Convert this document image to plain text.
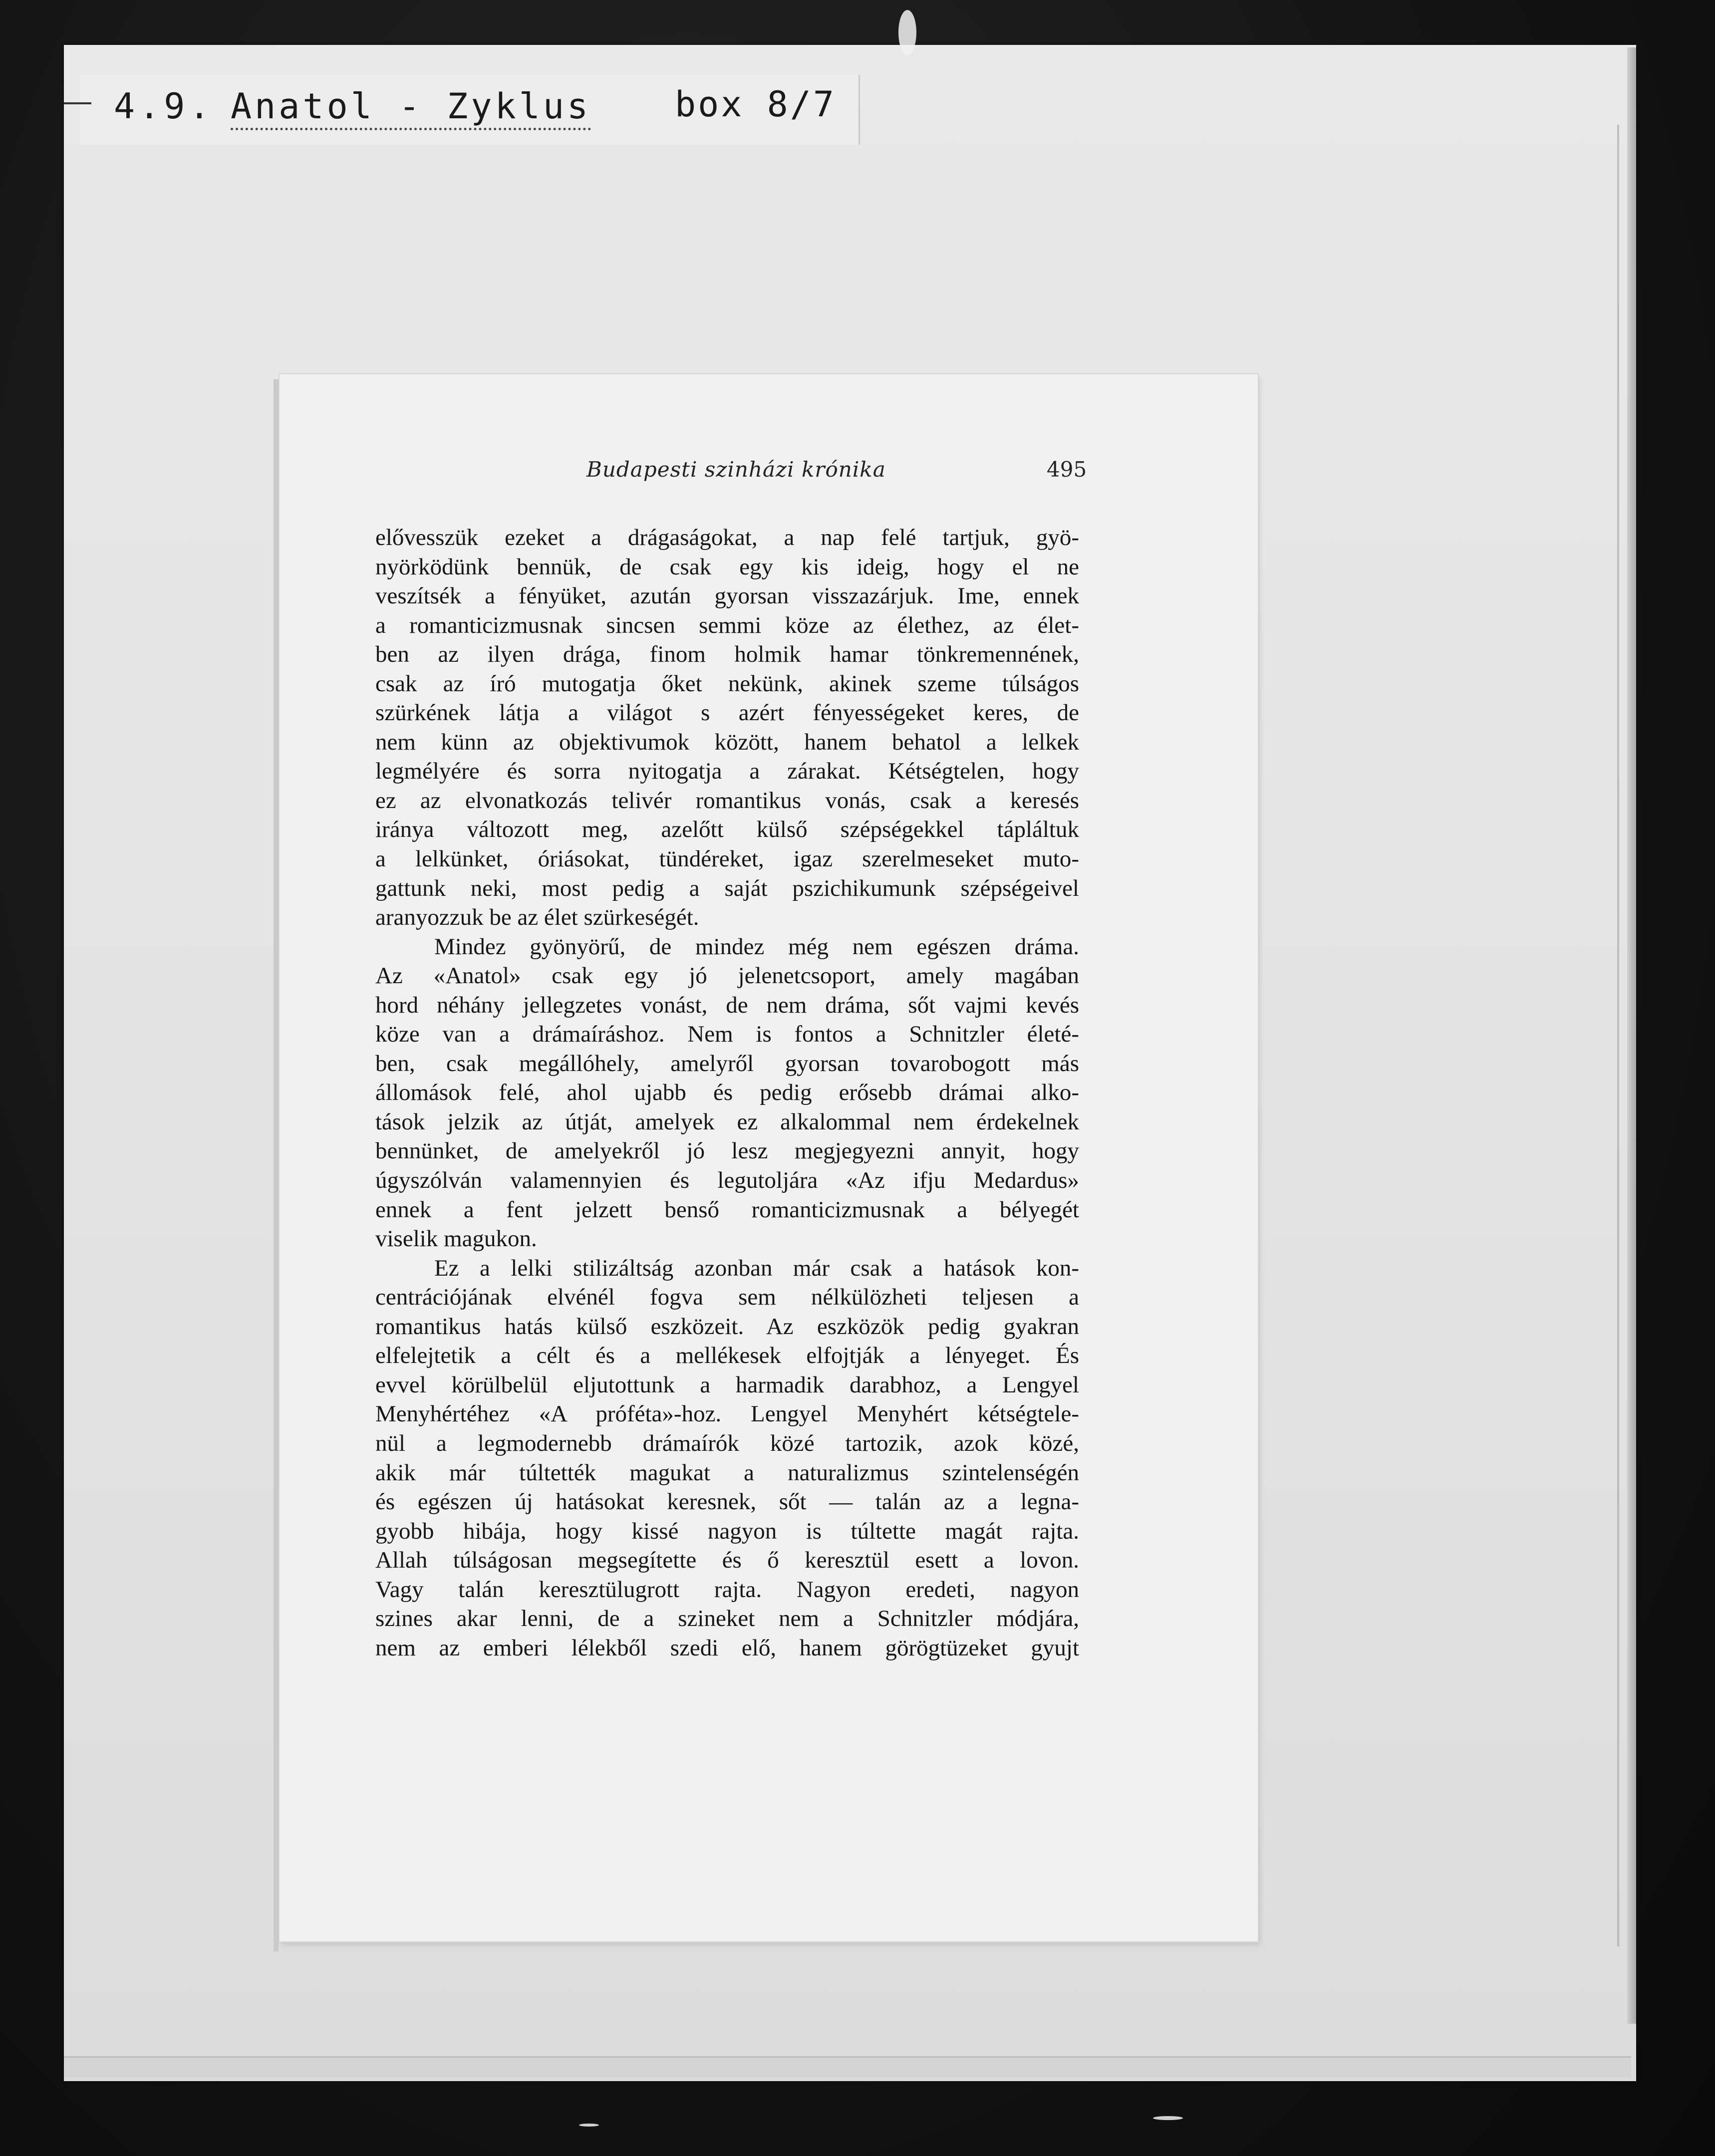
4.9. Anatol - Zyklus box 8/7
Budapesti szinházi krónika	495
elővesszük ezeket a drágaságokat, a nap felé tartjuk, gyö-
nyörködünk bennük, de csak egy kis ideig, hogy el ne
veszítsék a fényüket, azután gyorsan visszazárjuk. Ime, ennek
a romanticizmusnak sincsen semmi köze az élethez, az élet-
ben az ilyen drága, finom holmik hamar tönkremennének,
csak az író mutogatja őket nekünk, akinek szeme túlságos
szürkének látja a világot s azért fényességeket keres, de
nem künn az objektivumok között, hanem behatol a lelkek
legmélyére és sorra nyitogatja a zárakat. Kétségtelen, hogy
ez az elvonatkozás telivér romantikus vonás, csak a keresés
iránya változott meg, azelőtt külső szépségekkel tápláltuk
a lelkünket, óriásokat, tündéreket, igaz szerelmeseket mutо-
gattunk neki, most pedig a saját pszichikumunk szépségeivel
aranyozzuk be az élet szürkeségét.
Mindez gyönyörű, de mindez még nem egészen dráma.
Az «Anatol» csak egy jó jelenetcsoport, amely magában
hord néhány jellegzetes vonást, de nem dráma, sőt vajmi kevés
köze van a drámaíráshoz. Nem is fontos a Schnitzler életé-
ben, csak megállóhely, amelyről gyorsan tovarobogott más
állomások felé, ahol ujabb és pedig erősebb drámai alko-
tások jelzik az útját, amelyek ez alkalommal nem érdekelnek
bennünket, de amelyekről jó lesz megjegyezni annyit, hogy
úgyszólván valamennyien és legutoljára «Az ifju Medardus»
ennek a fent jelzett benső romanticizmusnak a bélyegét
viselik magukon.
Ez a lelki stilizáltság azonban már csak a hatások kon-
centrációjának elvénél fogva sem nélkülözheti teljesen a
romantikus hatás külső eszközeit. Az eszközök pedig gyakran
elfelejtetik a célt és a mellékesek elfojtják a lényeget. És
evvel körülbelül eljutottunk a harmadik darabhoz, a Lengyel
Menyhértéhez «A próféta»-hoz. Lengyel Menyhért kétségtele-
nül a legmodernebb drámaírók közé tartozik, azok közé,
akik már túltették magukat a naturalizmus szintelenségén
és egészen új hatásokat keresnek, sőt — talán az a legna-
gyobb hibája, hogy kissé nagyon is túltette magát rajta.
Allah túlságosan megsegítette és ő keresztül esett a lovon.
Vagy talán keresztülugrott rajta. Nagyon eredeti, nagyon
szines akar lenni, de a szineket nem a Schnitzler módjára,
nem az emberi lélekből szedi elő, hanem görögtüzeket gyujt
